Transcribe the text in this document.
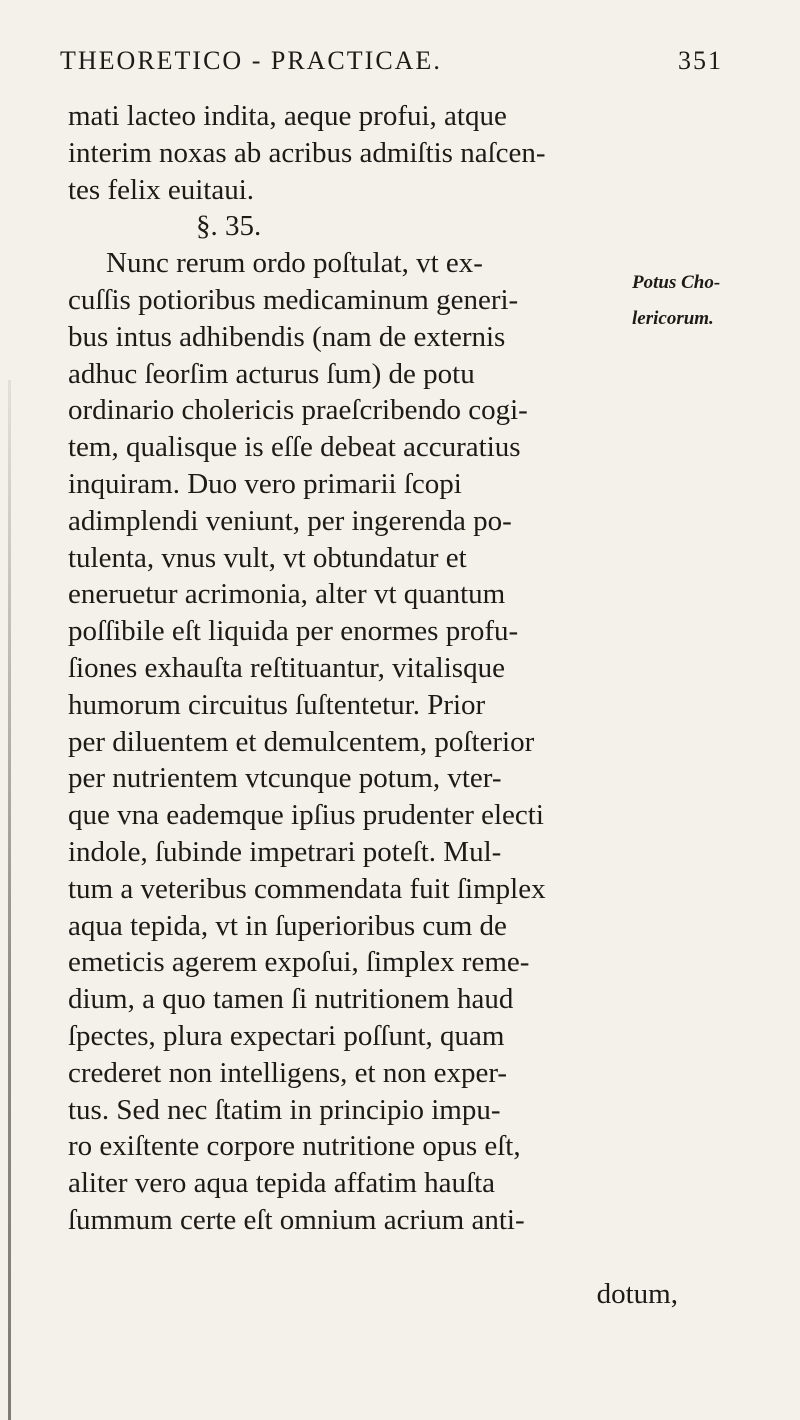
THEORETICO - PRACTICAE.	351
mati lacteo indita, aeque profui, atque
interim noxas ab acribus admiſtis naſcen-
tes felix euitaui.
§. 35.
Nunc rerum ordo poſtulat, vt ex-
cuſſis potioribus medicaminum generi-
bus intus adhibendis (nam de externis
adhuc ſeorſim acturus ſum) de potu
ordinario cholericis praeſcribendo cogi-
tem, qualisque is eſſe debeat accuratius
inquiram. Duo vero primarii ſcopi
adimplendi veniunt, per ingerenda po-
tulenta, vnus vult, vt obtundatur et
eneruetur acrimonia, alter vt quantum
poſſibile eſt liquida per enormes profu-
ſiones exhauſta reſtituantur, vitalisque
humorum circuitus ſuſtentetur. Prior
per diluentem et demulcentem, poſterior
per nutrientem vtcunque potum, vter-
que vna eademque ipſius prudenter electi
indole, ſubinde impetrari poteſt. Mul-
tum a veteribus commendata fuit ſimplex
aqua tepida, vt in ſuperioribus cum de
emeticis agerem expoſui, ſimplex reme-
dium, a quo tamen ſi nutritionem haud
ſpectes, plura expectari poſſunt, quam
crederet non intelligens, et non exper-
tus. Sed nec ſtatim in principio impu-
ro exiſtente corpore nutritione opus eſt,
aliter vero aqua tepida affatim hauſta
ſummum certe eſt omnium acrium anti-
dotum,
Potus Cho-
lericorum.
